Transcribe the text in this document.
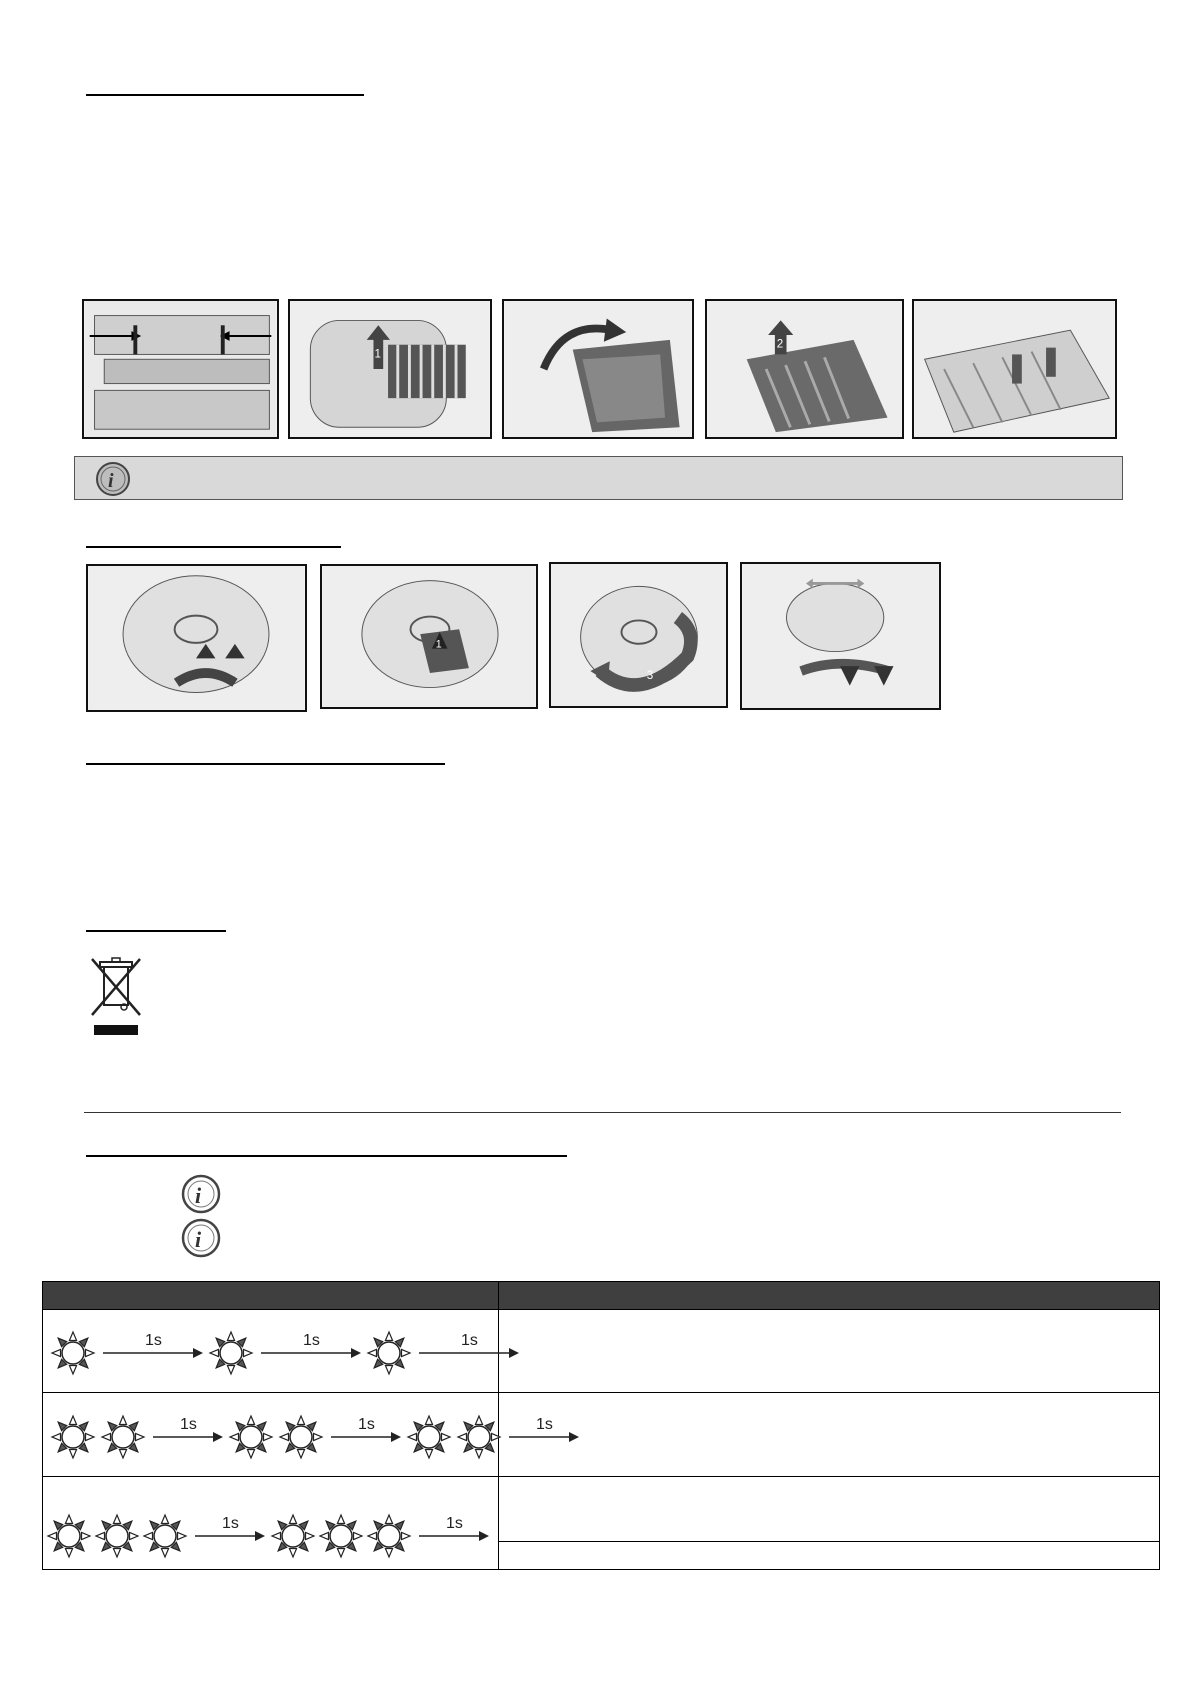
1
2
i
1
3
i
i

1s 1s 1s	

1s 1s 1s	

1s 1s	
